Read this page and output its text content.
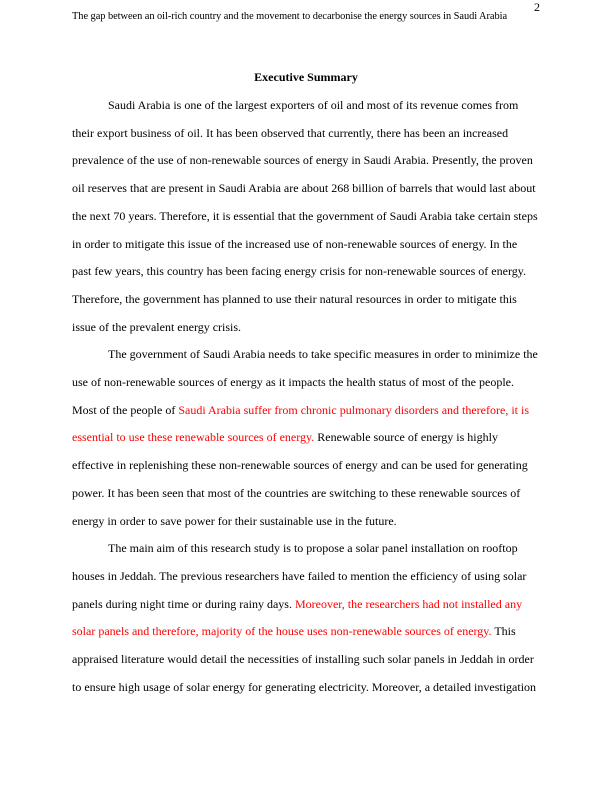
The gap between an oil-rich country and the movement to decarbonise the energy sources in Saudi Arabia
2
Executive Summary
Saudi Arabia is one of the largest exporters of oil and most of its revenue comes from
their export business of oil. It has been observed that currently, there has been an increased
prevalence of the use of non-renewable sources of energy in Saudi Arabia. Presently, the proven
oil reserves that are present in Saudi Arabia are about 268 billion of barrels that would last about
the next 70 years. Therefore, it is essential that the government of Saudi Arabia take certain steps
in order to mitigate this issue of the increased use of non-renewable sources of energy. In the
past few years, this country has been facing energy crisis for non-renewable sources of energy.
Therefore, the government has planned to use their natural resources in order to mitigate this
issue of the prevalent energy crisis.
The government of Saudi Arabia needs to take specific measures in order to minimize the
use of non-renewable sources of energy as it impacts the health status of most of the people.
Most of the people of Saudi Arabia suffer from chronic pulmonary disorders and therefore, it is
essential to use these renewable sources of energy. Renewable source of energy is highly
effective in replenishing these non-renewable sources of energy and can be used for generating
power. It has been seen that most of the countries are switching to these renewable sources of
energy in order to save power for their sustainable use in the future.
The main aim of this research study is to propose a solar panel installation on rooftop
houses in Jeddah. The previous researchers have failed to mention the efficiency of using solar
panels during night time or during rainy days. Moreover, the researchers had not installed any
solar panels and therefore, majority of the house uses non-renewable sources of energy. This
appraised literature would detail the necessities of installing such solar panels in Jeddah in order
to ensure high usage of solar energy for generating electricity. Moreover, a detailed investigation
